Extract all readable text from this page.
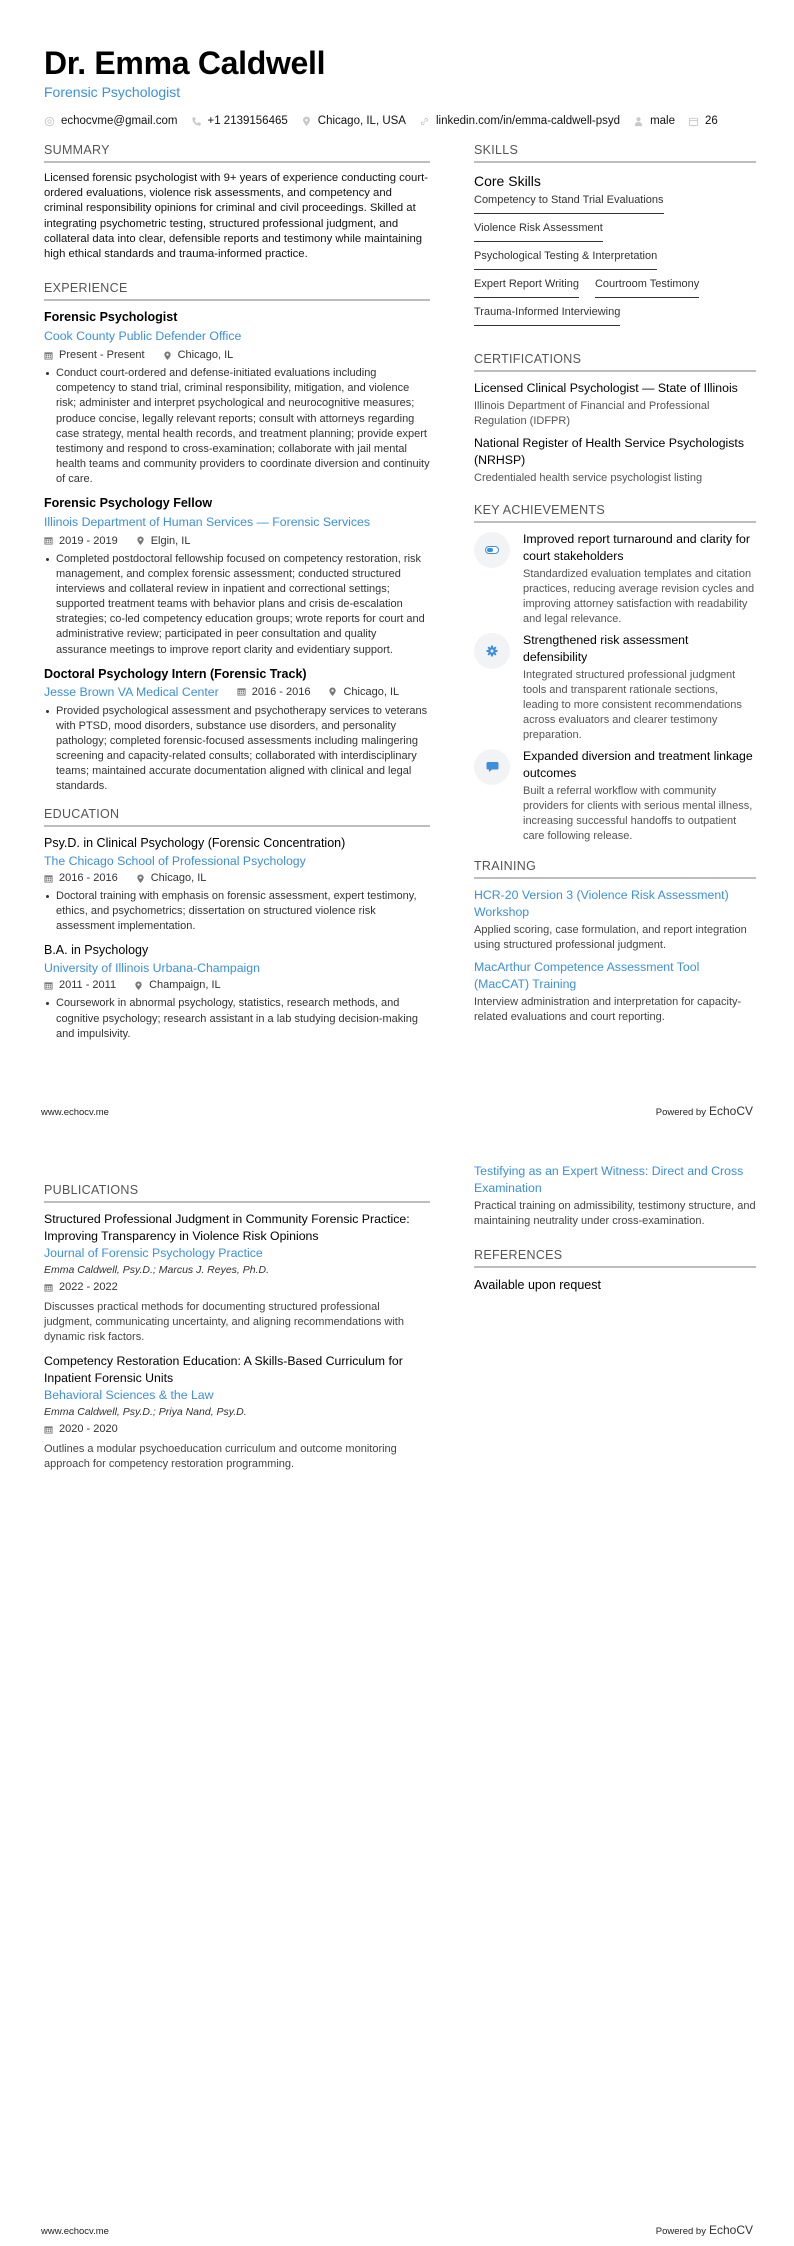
Dr. Emma Caldwell
Forensic Psychologist
echocvme@gmail.com	+1 2139156465	Chicago, IL, USA	linkedin.com/in/emma-caldwell-psyd	male	26
SUMMARY

Licensed forensic psychologist with 9+ years of experience conducting court-ordered evaluations, violence risk assessments, and competency and criminal responsibility opinions for criminal and civil proceedings. Skilled at integrating psychometric testing, structured professional judgment, and collateral data into clear, defensible reports and testimony while maintaining high ethical standards and trauma-informed practice.

EXPERIENCE
Forensic Psychologist
Cook County Public Defender Office
Present - Present	Chicago, IL
Conduct court-ordered and defense-initiated evaluations including competency to stand trial, criminal responsibility, mitigation, and violence risk; administer and interpret psychological and neurocognitive measures; produce concise, legally relevant reports; consult with attorneys regarding case strategy, mental health records, and treatment planning; provide expert testimony and respond to cross-examination; collaborate with jail mental health teams and community providers to coordinate diversion and continuity of care.
Forensic Psychology Fellow
Illinois Department of Human Services — Forensic Services
2019 - 2019	Elgin, IL
Completed postdoctoral fellowship focused on competency restoration, risk management, and complex forensic assessment; conducted structured interviews and collateral review in inpatient and correctional settings; supported treatment teams with behavior plans and crisis de-escalation strategies; co-led competency education groups; wrote reports for court and administrative review; participated in peer consultation and quality assurance meetings to improve report clarity and evidentiary support.
Doctoral Psychology Intern (Forensic Track)
Jesse Brown VA Medical Center	2016 - 2016	Chicago, IL
Provided psychological assessment and psychotherapy services to veterans with PTSD, mood disorders, substance use disorders, and personality pathology; completed forensic-focused assessments including malingering screening and capacity-related consults; collaborated with interdisciplinary teams; maintained accurate documentation aligned with clinical and legal standards.
EDUCATION
Psy.D. in Clinical Psychology (Forensic Concentration)
The Chicago School of Professional Psychology
2016 - 2016	Chicago, IL
Doctoral training with emphasis on forensic assessment, expert testimony, ethics, and psychometrics; dissertation on structured violence risk assessment implementation.
B.A. in Psychology
University of Illinois Urbana-Champaign
2011 - 2011	Champaign, IL
Coursework in abnormal psychology, statistics, research methods, and cognitive psychology; research assistant in a lab studying decision-making and impulsivity.
SKILLS
Core Skills
Competency to Stand Trial Evaluations
Violence Risk Assessment
Psychological Testing & Interpretation
Expert Report Writing Courtroom Testimony
Trauma-Informed Interviewing
CERTIFICATIONS
Licensed Clinical Psychologist — State of Illinois
Illinois Department of Financial and Professional Regulation (IDFPR)
National Register of Health Service Psychologists (NRHSP)
Credentialed health service psychologist listing
KEY ACHIEVEMENTS
Improved report turnaround and clarity for court stakeholders
Standardized evaluation templates and citation practices, reducing average revision cycles and improving attorney satisfaction with readability and legal relevance.
Strengthened risk assessment defensibility
Integrated structured professional judgment tools and transparent rationale sections, leading to more consistent recommendations across evaluators and clearer testimony preparation.
Expanded diversion and treatment linkage outcomes
Built a referral workflow with community providers for clients with serious mental illness, increasing successful handoffs to outpatient care following release.
TRAINING
HCR-20 Version 3 (Violence Risk Assessment) Workshop
Applied scoring, case formulation, and report integration using structured professional judgment.
MacArthur Competence Assessment Tool (MacCAT) Training
Interview administration and interpretation for capacity-related evaluations and court reporting.
www.echocv.me	Powered by EchoCV
PUBLICATIONS
Structured Professional Judgment in Community Forensic Practice: Improving Transparency in Violence Risk Opinions
Journal of Forensic Psychology Practice
Emma Caldwell, Psy.D.; Marcus J. Reyes, Ph.D.
2022 - 2022
Discusses practical methods for documenting structured professional judgment, communicating uncertainty, and aligning recommendations with dynamic risk factors.
Competency Restoration Education: A Skills-Based Curriculum for Inpatient Forensic Units
Behavioral Sciences & the Law
Emma Caldwell, Psy.D.; Priya Nand, Psy.D.
2020 - 2020
Outlines a modular psychoeducation curriculum and outcome monitoring approach for competency restoration programming.
Testifying as an Expert Witness: Direct and Cross Examination
Practical training on admissibility, testimony structure, and maintaining neutrality under cross-examination.
REFERENCES
Available upon request
www.echocv.me	Powered by EchoCV
